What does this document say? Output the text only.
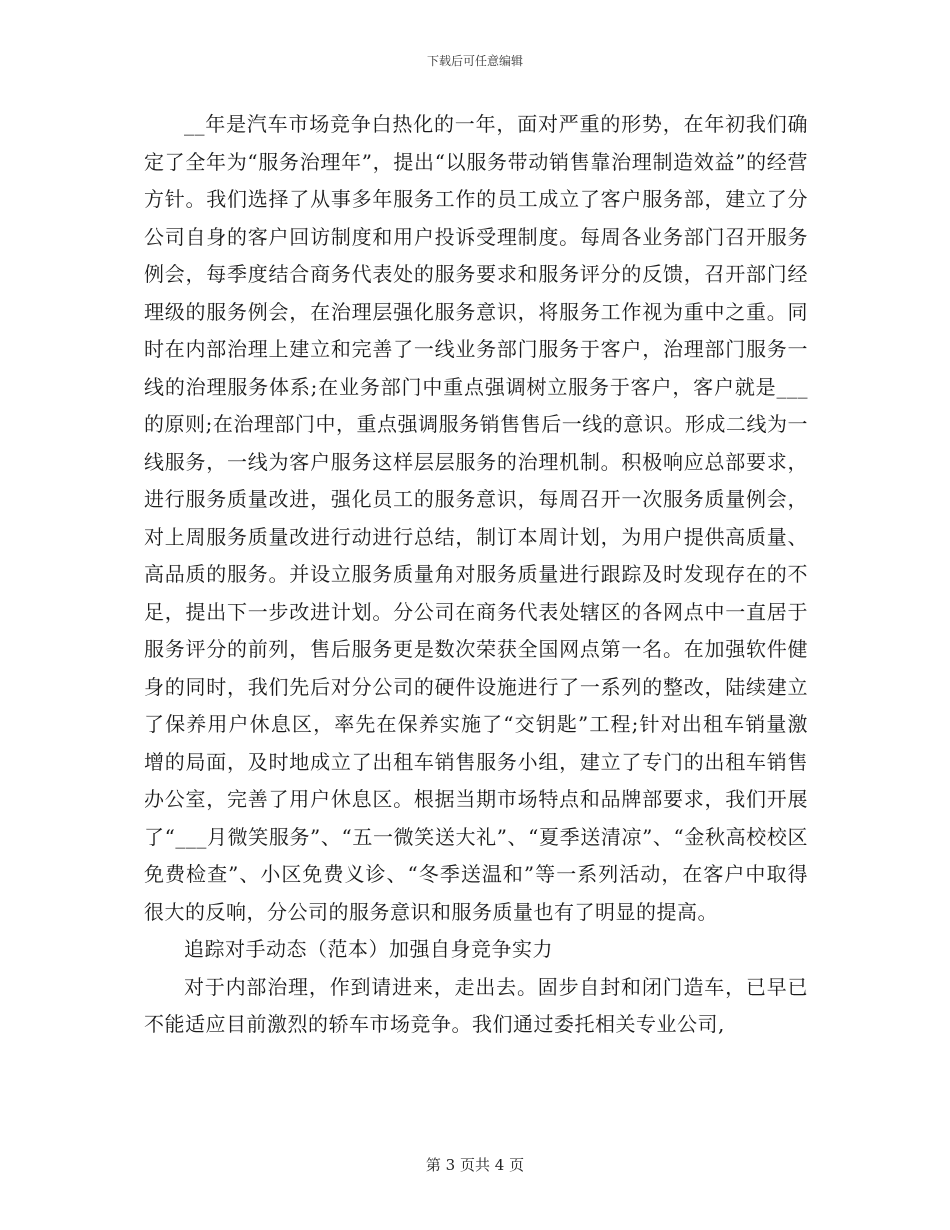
下载后可任意编辑

__年是汽车市场竞争白热化的一年，面对严重的形势，在年初我们确定了全年为“服务治理年”，提出“以服务带动销售靠治理制造效益”的经营方针。我们选择了从事多年服务工作的员工成立了客户服务部，建立了分公司自身的客户回访制度和用户投诉受理制度。每周各业务部门召开服务例会，每季度结合商务代表处的服务要求和服务评分的反馈，召开部门经理级的服务例会，在治理层强化服务意识，将服务工作视为重中之重。同时在内部治理上建立和完善了一线业务部门服务于客户，治理部门服务一线的治理服务体系;在业务部门中重点强调树立服务于客户，客户就是___的原则;在治理部门中，重点强调服务销售售后一线的意识。形成二线为一线服务，一线为客户服务这样层层服务的治理机制。积极响应总部要求，进行服务质量改进，强化员工的服务意识，每周召开一次服务质量例会，对上周服务质量改进行动进行总结，制订本周计划，为用户提供高质量、高品质的服务。并设立服务质量角对服务质量进行跟踪及时发现存在的不足，提出下一步改进计划。分公司在商务代表处辖区的各网点中一直居于服务评分的前列，售后服务更是数次荣获全国网点第一名。在加强软件健身的同时，我们先后对分公司的硬件设施进行了一系列的整改，陆续建立了保养用户休息区，率先在保养实施了“交钥匙”工程;针对出租车销量激增的局面，及时地成立了出租车销售服务小组，建立了专门的出租车销售办公室，完善了用户休息区。根据当期市场特点和品牌部要求，我们开展了“___月微笑服务”、“五一微笑送大礼”、“夏季送清凉”、“金秋高校校区免费检查”、小区免费义诊、“冬季送温和”等一系列活动，在客户中取得很大的反响，分公司的服务意识和服务质量也有了明显的提高。

追踪对手动态（范本）加强自身竞争实力

对于内部治理，作到请进来，走出去。固步自封和闭门造车，已早已不能适应目前激烈的轿车市场竞争。我们通过委托相关专业公司,

第 3 页共 4 页
